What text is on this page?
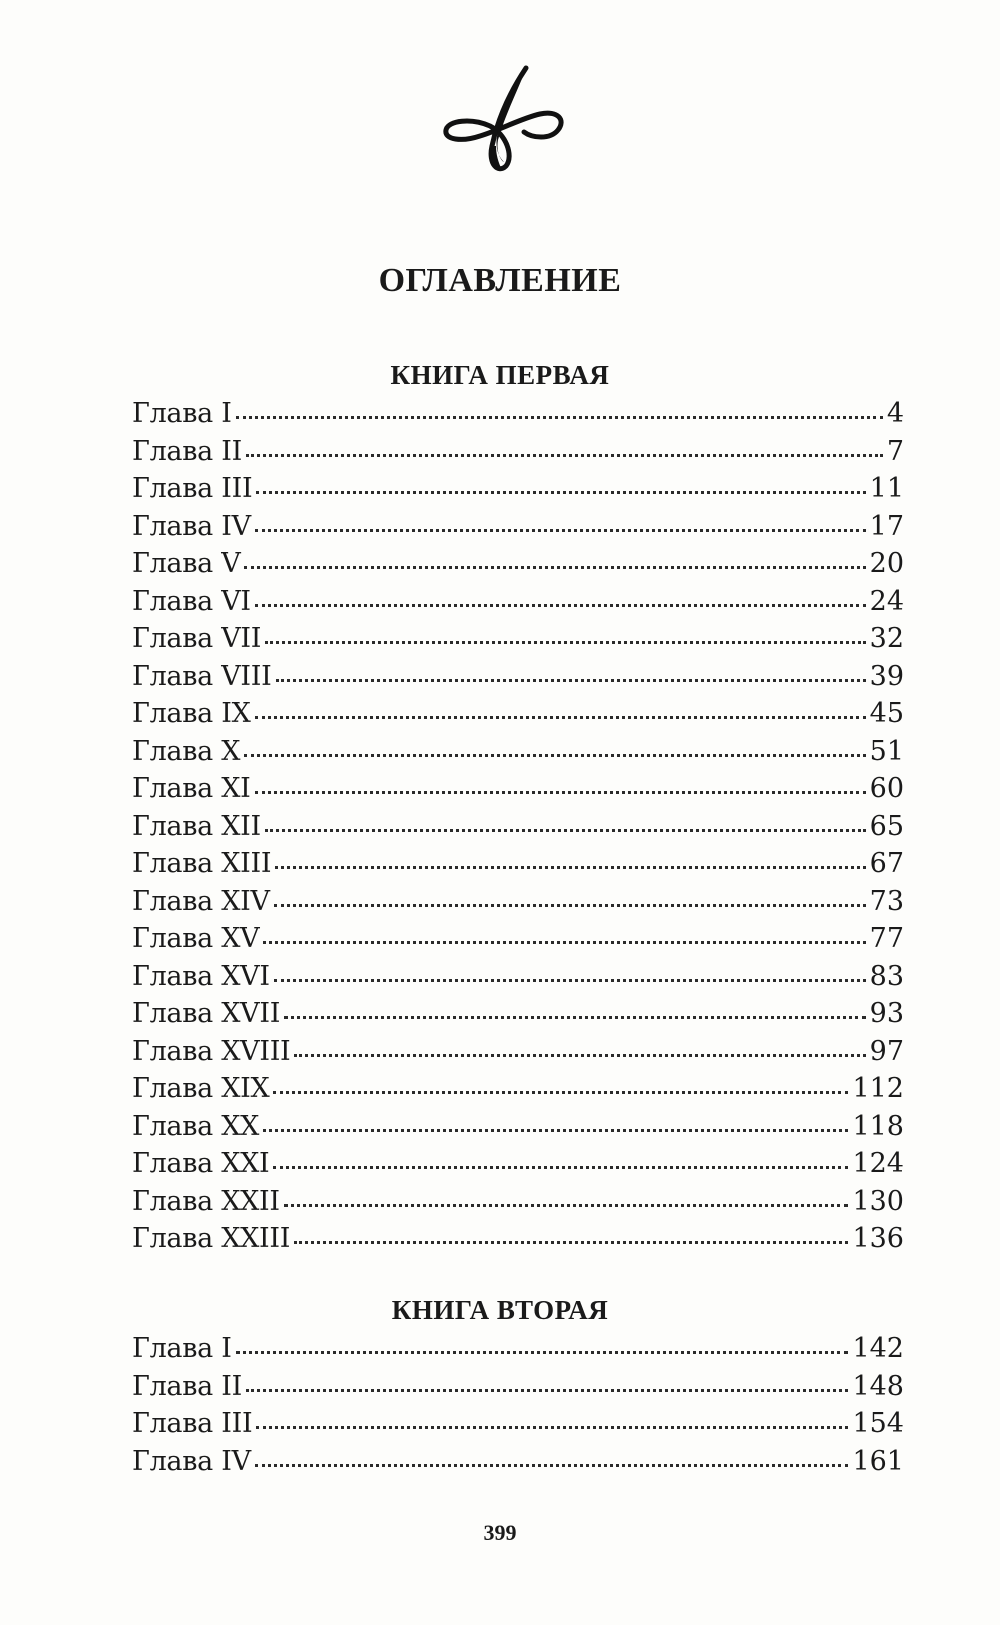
ОГЛАВЛЕНИЕ
КНИГА ПЕРВАЯ
Глава I	4
Глава II	7
Глава III	11
Глава IV	17
Глава V	20
Глава VI	24
Глава VII	32
Глава VIII	39
Глава IX	45
Глава X	51
Глава XI	60
Глава XII	65
Глава XIII	67
Глава XIV	73
Глава XV	77
Глава XVI	83
Глава XVII	93
Глава XVIII	97
Глава XIX	112
Глава XX	118
Глава XXI	124
Глава XXII	130
Глава XXIII	136
КНИГА ВТОРАЯ
Глава I	142
Глава II	148
Глава III	154
Глава IV	161

399
